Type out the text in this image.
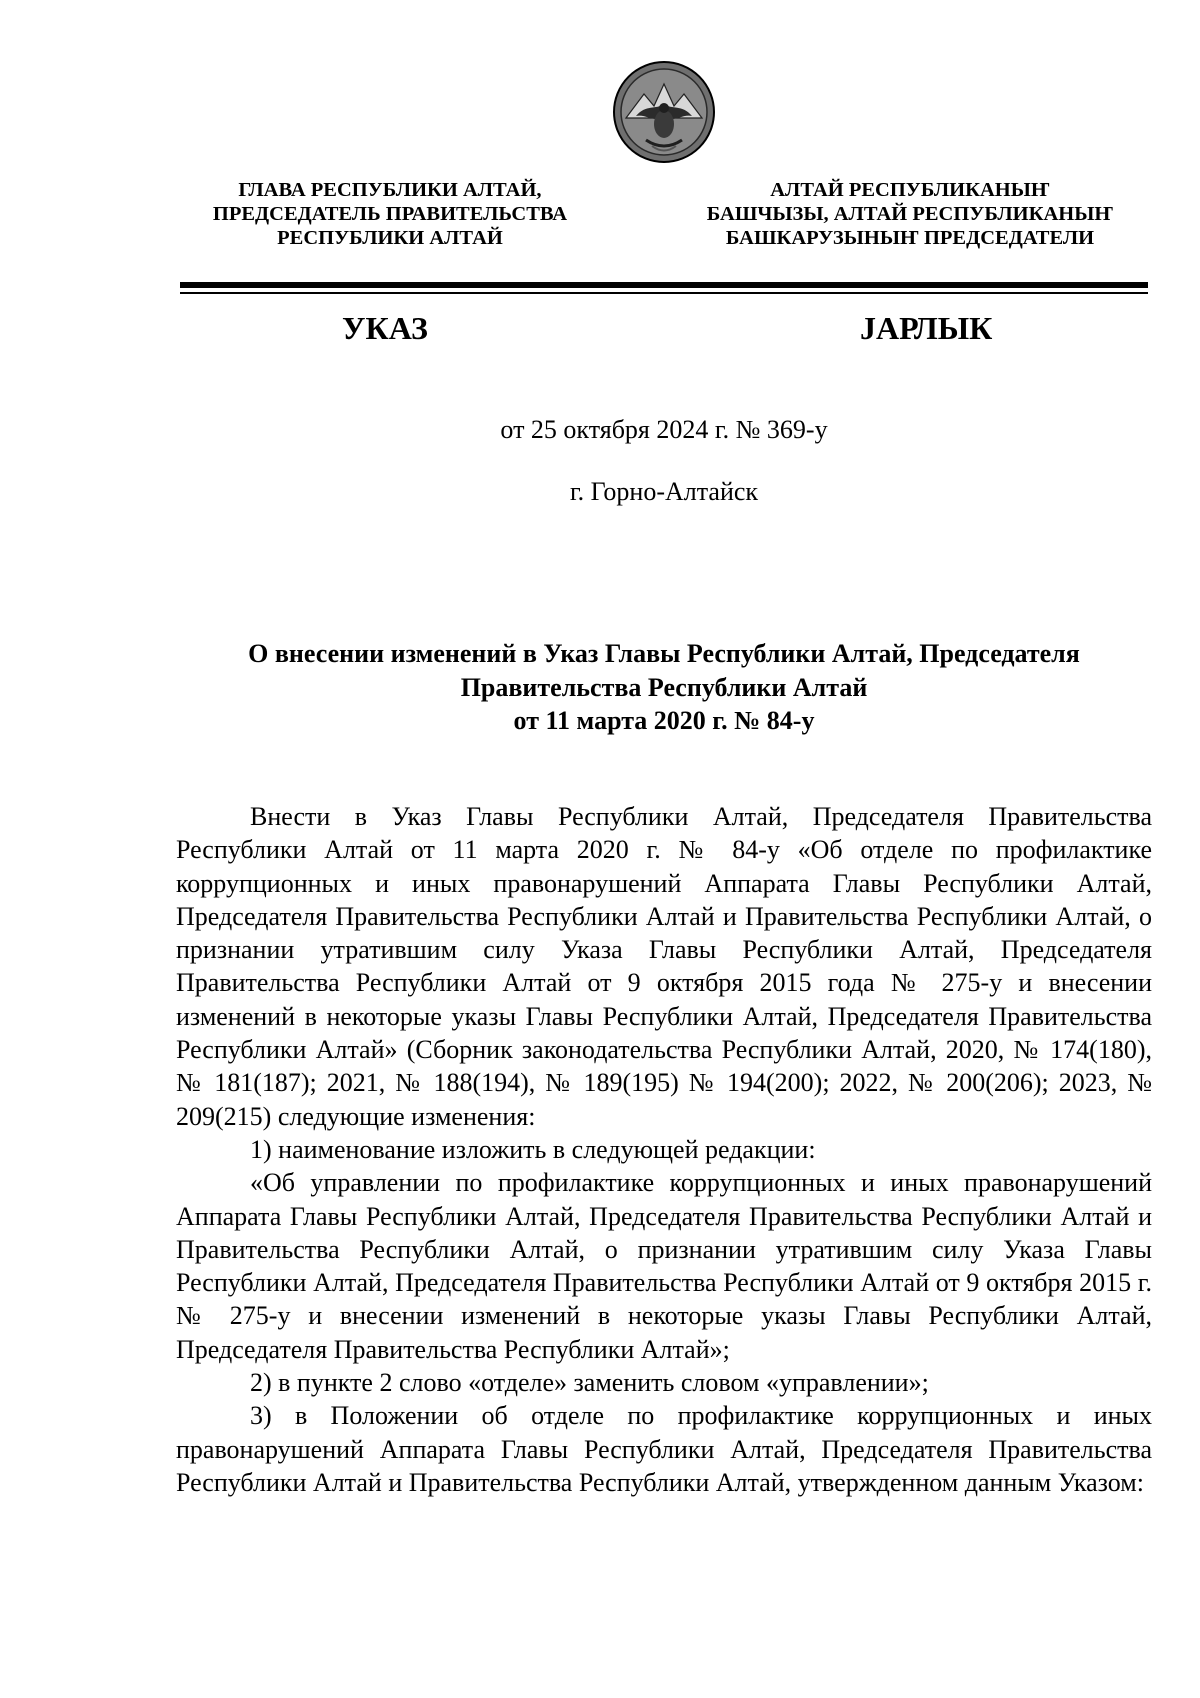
ГЛАВА РЕСПУБЛИКИ АЛТАЙ,
ПРЕДСЕДАТЕЛЬ ПРАВИТЕЛЬСТВА
РЕСПУБЛИКИ АЛТАЙ
АЛТАЙ РЕСПУБЛИКАНЫҤ
БАШЧЫЗЫ, АЛТАЙ РЕСПУБЛИКАНЫҤ
БАШКАРУЗЫНЫҤ ПРЕДСЕДАТЕЛИ
УКАЗ	ЈАРЛЫК
от 25 октября 2024 г. № 369-у
г. Горно-Алтайск
О внесении изменений в Указ Главы Республики Алтай, Председателя
Правительства Республики Алтай
от 11 марта 2020 г. № 84-у

Внести в Указ Главы Республики Алтай, Председателя Правительства Республики Алтай от 11 марта 2020 г. № 84-у «Об отделе по профилактике коррупционных и иных правонарушений Аппарата Главы Республики Алтай, Председателя Правительства Республики Алтай и Правительства Республики Алтай, о признании утратившим силу Указа Главы Республики Алтай, Председателя Правительства Республики Алтай от 9 октября 2015 года № 275-у и внесении изменений в некоторые указы Главы Республики Алтай, Председателя Правительства Республики Алтай» (Сборник законодательства Республики Алтай, 2020, № 174(180), № 181(187); 2021, № 188(194), № 189(195) № 194(200); 2022, № 200(206); 2023, № 209(215) следующие изменения:

1) наименование изложить в следующей редакции:

«Об управлении по профилактике коррупционных и иных правонарушений Аппарата Главы Республики Алтай, Председателя Правительства Республики Алтай и Правительства Республики Алтай, о признании утратившим силу Указа Главы Республики Алтай, Председателя Правительства Республики Алтай от 9 октября 2015 г. № 275-у и внесении изменений в некоторые указы Главы Республики Алтай, Председателя Правительства Республики Алтай»;

2) в пункте 2 слово «отделе» заменить словом «управлении»;

3) в Положении об отделе по профилактике коррупционных и иных правонарушений Аппарата Главы Республики Алтай, Председателя Правительства Республики Алтай и Правительства Республики Алтай, утвержденном данным Указом:
